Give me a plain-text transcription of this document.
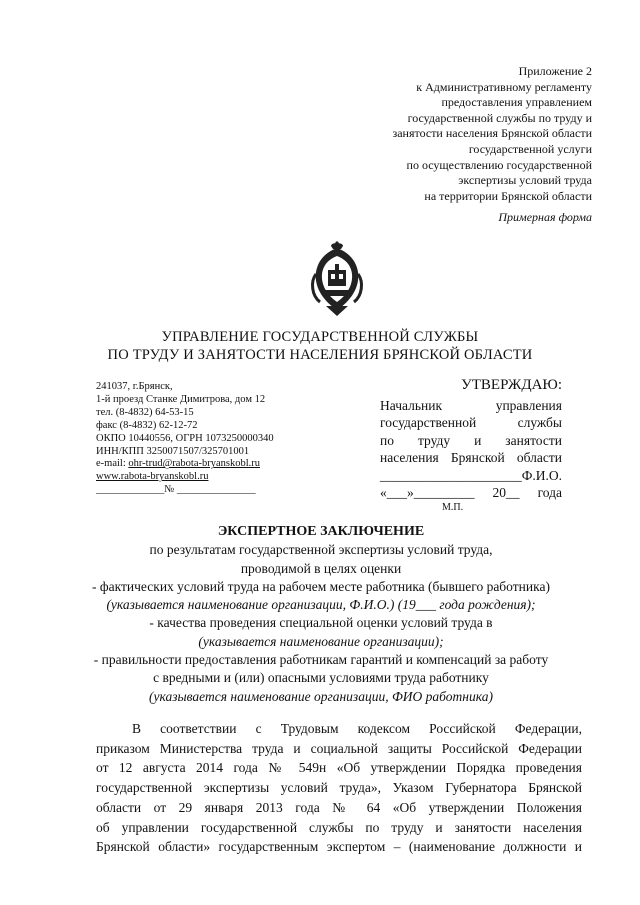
Приложение 2
к Административному регламенту
предоставления управлением
государственной службы по труду и
занятости населения Брянской области
государственной услуги
по осуществлению государственной
экспертизы условий труда
на территории Брянской области
Примерная форма
УПРАВЛЕНИЕ ГОСУДАРСТВЕННОЙ СЛУЖБЫ
ПО ТРУДУ И ЗАНЯТОСТИ НАСЕЛЕНИЯ БРЯНСКОЙ ОБЛАСТИ
241037, г.Брянск,
1-й проезд Станке Димитрова, дом 12
тел. (8-4832) 64-53-15
факс (8-4832) 62-12-72
ОКПО 10440556, ОГРН 1073250000340
ИНН/КПП 3250071507/325701001
e-mail: ohr-trud@rabota-bryanskobl.ru
www.rabota-bryanskobl.ru
_____________№ _______________
УТВЕРЖДАЮ:
Начальник управления
государственной службы
по труду и занятости
населения Брянской области
_____________________Ф.И.О.
«___»_________ 20__ года
М.П.
ЭКСПЕРТНОЕ ЗАКЛЮЧЕНИЕ
по результатам государственной экспертизы условий труда,
проводимой в целях оценки
- фактических условий труда на рабочем месте работника (бывшего работника)
(указывается наименование организации, Ф.И.О.) (19___ года рождения);
- качества проведения специальной оценки условий труда в
(указывается наименование организации);
- правильности предоставления работникам гарантий и компенсаций за работу
с вредными и (или) опасными условиями труда работнику
(указывается наименование организации, ФИО работника)
В соответствии с Трудовым кодексом Российской Федерации,
приказом Министерства труда и социальной защиты Российской Федерации
от 12 августа 2014 года № 549н «Об утверждении Порядка проведения
государственной экспертизы условий труда», Указом Губернатора Брянской
области от 29 января 2013 года № 64 «Об утверждении Положения
об управлении государственной службы по труду и занятости населения
Брянской области» государственным экспертом – (наименование должности и
